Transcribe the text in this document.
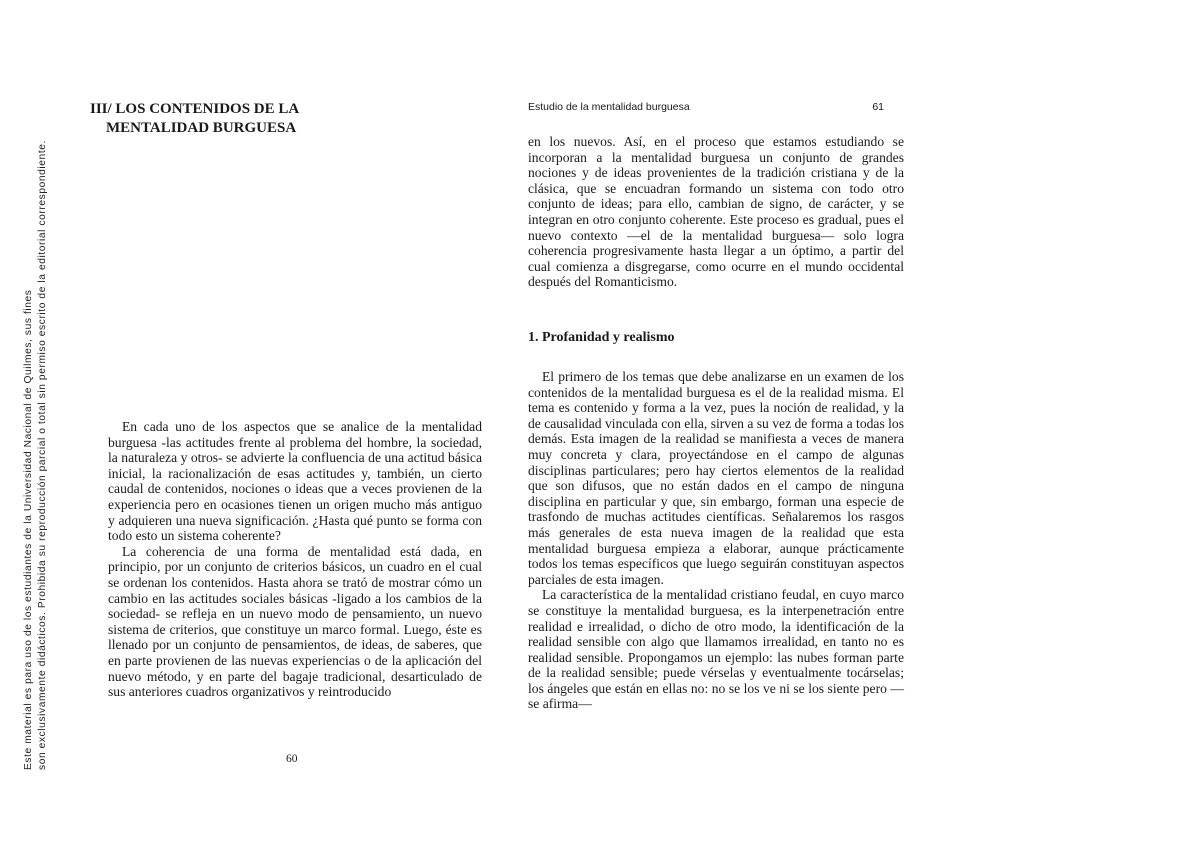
Este material es para uso de los estudiantes de la Universidad Nacional de Quilmes, sus fines son exclusivamente didácticos. Prohibida su reproducción parcial o total sin permiso escrito de la editorial correspondiente.
III/ LOS CONTENIDOS DE LA
MENTALIDAD BURGUESA

En cada uno de los aspectos que se analice de la mentalidad burguesa -las actitudes frente al problema del hombre, la sociedad, la naturaleza y otros- se advierte la confluencia de una actitud básica inicial, la racionalización de esas actitudes y, también, un cierto caudal de contenidos, nociones o ideas que a veces provienen de la experiencia pero en ocasiones tienen un origen mucho más antiguo y adquieren una nueva significación. ¿Hasta qué punto se forma con todo esto un sistema coherente?

La coherencia de una forma de mentalidad está dada, en principio, por un conjunto de criterios básicos, un cuadro en el cual se ordenan los contenidos. Hasta ahora se trató de mostrar cómo un cambio en las actitudes sociales básicas -ligado a los cambios de la sociedad- se refleja en un nuevo modo de pensamiento, un nuevo sistema de criterios, que constituye un marco formal. Luego, éste es llenado por un conjunto de pensamientos, de ideas, de saberes, que en parte provienen de las nuevas experiencias o de la aplicación del nuevo método, y en parte del bagaje tradicional, desarticulado de sus anteriores cuadros organizativos y reintroducido

60
Estudio de la mentalidad burguesa	61

en los nuevos. Así, en el proceso que estamos estudiando se incorporan a la mentalidad burguesa un conjunto de grandes nociones y de ideas provenientes de la tradición cristiana y de la clásica, que se encuadran formando un sistema con todo otro conjunto de ideas; para ello, cambian de signo, de carácter, y se integran en otro conjunto coherente. Este proceso es gradual, pues el nuevo contexto —el de la mentalidad burguesa— solo logra coherencia progresivamente hasta llegar a un óptimo, a partir del cual comienza a disgregarse, como ocurre en el mundo occidental después del Romanticismo.

1. Profanidad y realismo

El primero de los temas que debe analizarse en un examen de los contenidos de la mentalidad burguesa es el de la realidad misma. El tema es contenido y forma a la vez, pues la noción de realidad, y la de causalidad vinculada con ella, sirven a su vez de forma a todas los demás. Esta imagen de la realidad se manifiesta a veces de manera muy concreta y clara, proyectándose en el campo de algunas disciplinas particulares; pero hay ciertos elementos de la realidad que son difusos, que no están dados en el campo de ninguna disciplina en particular y que, sin embargo, forman una especie de trasfondo de muchas actitudes científicas. Señalaremos los rasgos más generales de esta nueva imagen de la realidad que esta mentalidad burguesa empieza a elaborar, aunque prácticamente todos los temas específicos que luego seguirán constituyan aspectos parciales de esta imagen.

La característica de la mentalidad cristiano feudal, en cuyo marco se constituye la mentalidad burguesa, es la interpenetración entre realidad e irrealidad, o dicho de otro modo, la identificación de la realidad sensible con algo que llamamos irrealidad, en tanto no es realidad sensible. Propongamos un ejemplo: las nubes forman parte de la realidad sensible; puede vérselas y eventualmente tocárselas; los ángeles que están en ellas no: no se los ve ni se los siente pero —se afirma—
